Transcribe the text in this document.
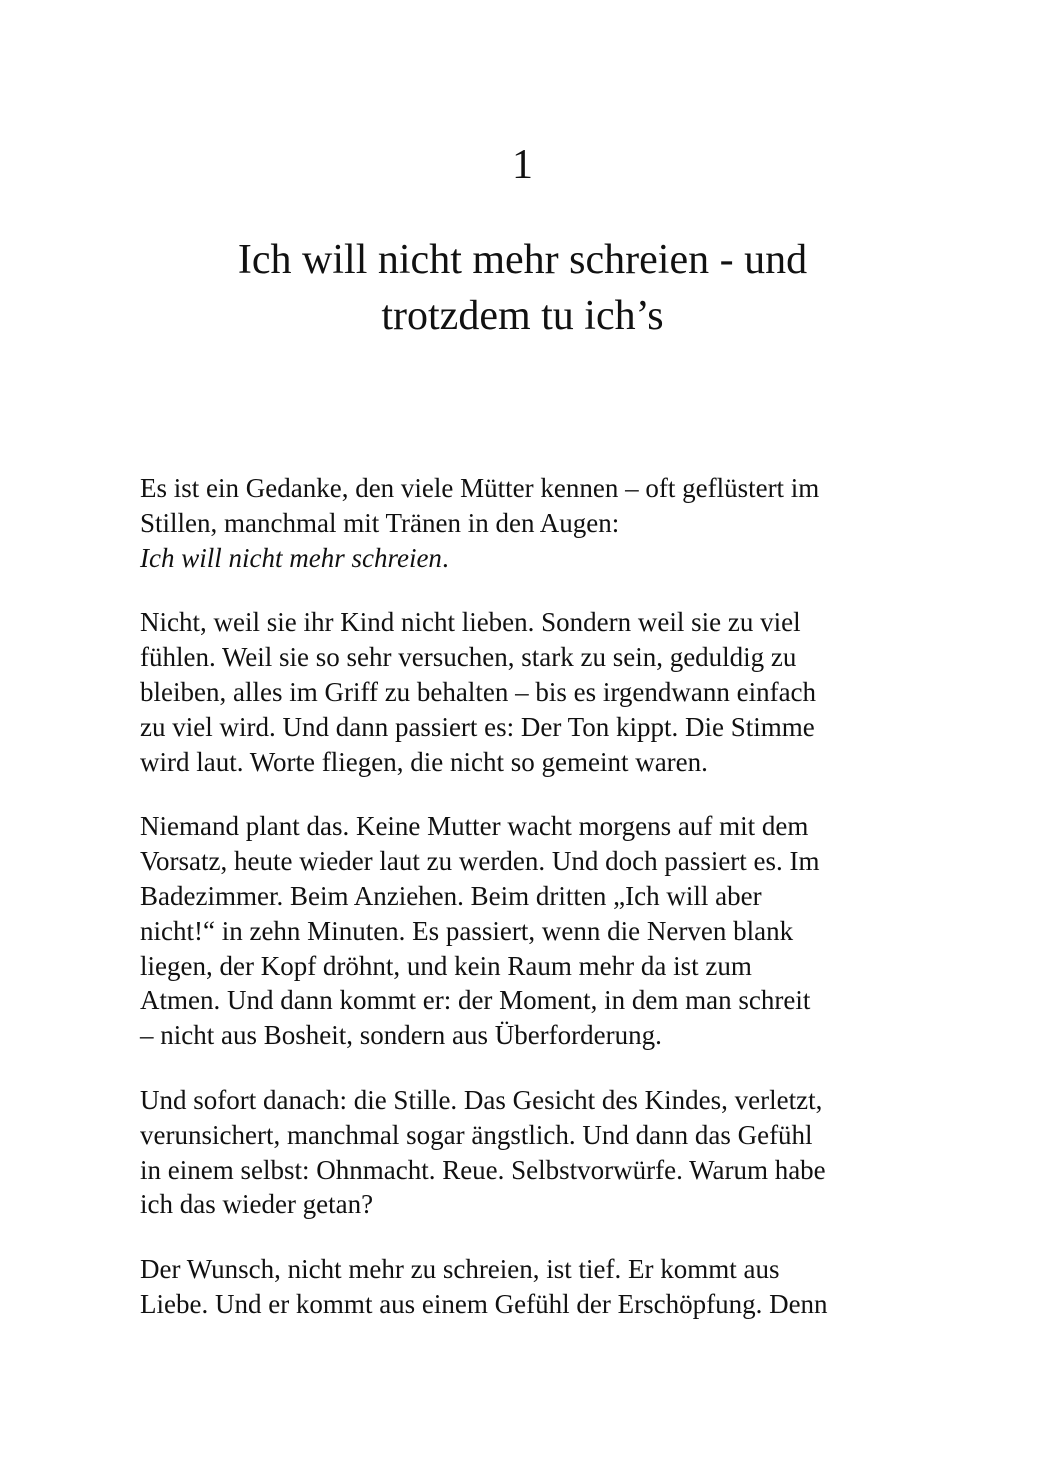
1
Ich will nicht mehr schreien - und
trotzdem tu ich’s

Es ist ein Gedanke, den viele Mütter kennen – oft geflüstert im
Stillen, manchmal mit Tränen in den Augen:
Ich will nicht mehr schreien.

Nicht, weil sie ihr Kind nicht lieben. Sondern weil sie zu viel
fühlen. Weil sie so sehr versuchen, stark zu sein, geduldig zu
bleiben, alles im Griff zu behalten – bis es irgendwann einfach
zu viel wird. Und dann passiert es: Der Ton kippt. Die Stimme
wird laut. Worte fliegen, die nicht so gemeint waren.

Niemand plant das. Keine Mutter wacht morgens auf mit dem
Vorsatz, heute wieder laut zu werden. Und doch passiert es. Im
Badezimmer. Beim Anziehen. Beim dritten „Ich will aber
nicht!“ in zehn Minuten. Es passiert, wenn die Nerven blank
liegen, der Kopf dröhnt, und kein Raum mehr da ist zum
Atmen. Und dann kommt er: der Moment, in dem man schreit
– nicht aus Bosheit, sondern aus Überforderung.

Und sofort danach: die Stille. Das Gesicht des Kindes, verletzt,
verunsichert, manchmal sogar ängstlich. Und dann das Gefühl
in einem selbst: Ohnmacht. Reue. Selbstvorwürfe. Warum habe
ich das wieder getan?

Der Wunsch, nicht mehr zu schreien, ist tief. Er kommt aus
Liebe. Und er kommt aus einem Gefühl der Erschöpfung. Denn
